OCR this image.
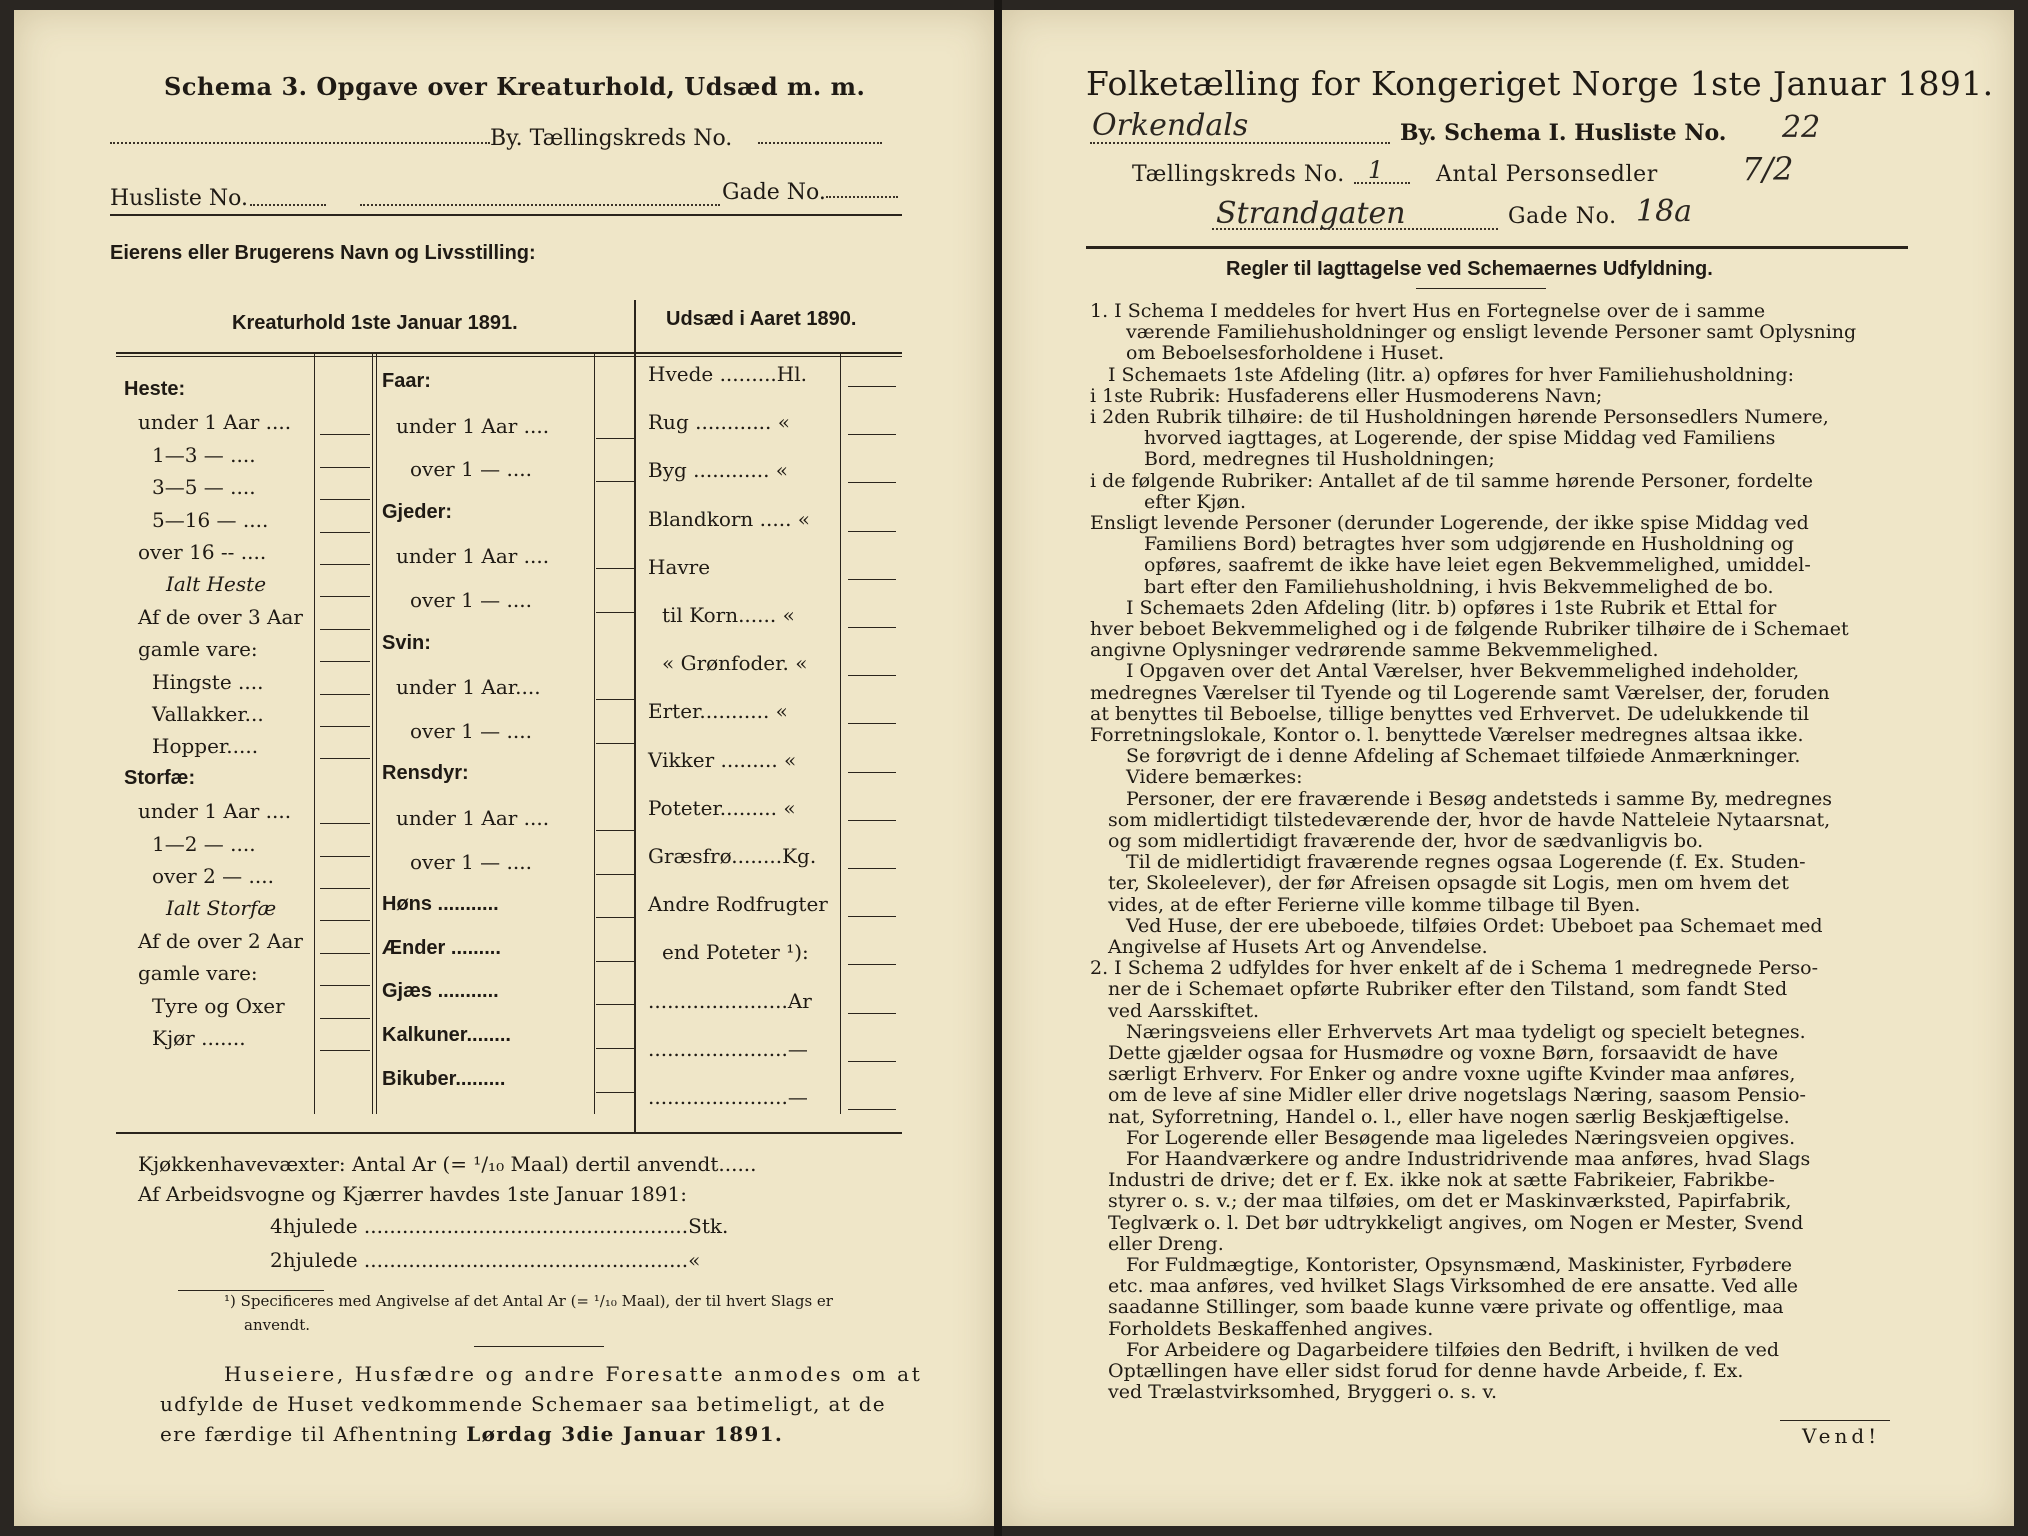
Schema 3. Opgave over Kreaturhold, Udsæd m. m.
By. Tællingskreds No.
Husliste No.	Gade No.
Eierens eller Brugerens Navn og Livsstilling:
Kreaturhold 1ste Januar 1891.	Udsæd i Aaret 1890.
Heste:
under 1 Aar ....
1—3 — ....
3—5 — ....
5—16 — ....
over 16 -- ....
Ialt Heste
Af de over 3 Aar
gamle vare:
Hingste ....
Vallakker...
Hopper.....
Storfæ:
under 1 Aar ....
1—2 — ....
over 2 — ....
Ialt Storfæ
Af de over 2 Aar
gamle vare:
Tyre og Oxer
Kjør .......
Faar:
under 1 Aar ....
over 1 — ....
Gjeder:
under 1 Aar ....
over 1 — ....
Svin:
under 1 Aar....
over 1 — ....
Rensdyr:
under 1 Aar ....
over 1 — ....
Høns ...........
Ænder .........
Gjæs ...........
Kalkuner........
Bikuber.........
Hvede .........Hl.
Rug ............ «
Byg ............ «
Blandkorn ..... «
Havre
til Korn...... «
« Grønfoder. «
Erter........... «
Vikker ......... «
Poteter......... «
Græsfrø........Kg.
Andre Rodfrugter
end Poteter ¹):
......................Ar
......................—
......................—
Kjøkkenhavevæxter: Antal Ar (= ¹/₁₀ Maal) dertil anvendt......
Af Arbeidsvogne og Kjærrer havdes 1ste Januar 1891:
4hjulede ...................................................Stk.
2hjulede ...................................................«
¹) Specificeres med Angivelse af det Antal Ar (= ¹/₁₀ Maal), der til hvert Slags er
anvendt.
Huseiere, Husfædre og andre Foresatte anmodes om at
udfylde de Huset vedkommende Schemaer saa betimeligt, at de
ere færdige til Afhentning Lørdag 3die Januar 1891.
Folketælling for Kongeriget Norge 1ste Januar 1891.
Orkendals	By. Schema I. Husliste No. 22
Tællingskreds No. 1 Antal Personsedler	7/2
Strandgaten	Gade No. 18a
Regler til Iagttagelse ved Schemaernes Udfyldning.
1. I Schema I meddeles for hvert Hus en Fortegnelse over de i samme
værende Familiehusholdninger og ensligt levende Personer samt Oplysning
om Beboelsesforholdene i Huset.
I Schemaets 1ste Afdeling (litr. a) opføres for hver Familiehusholdning:
i 1ste Rubrik: Husfaderens eller Husmoderens Navn;
i 2den Rubrik tilhøire: de til Husholdningen hørende Personsedlers Numere,
hvorved iagttages, at Logerende, der spise Middag ved Familiens
Bord, medregnes til Husholdningen;
i de følgende Rubriker: Antallet af de til samme hørende Personer, fordelte
efter Kjøn.
Ensligt levende Personer (derunder Logerende, der ikke spise Middag ved
Familiens Bord) betragtes hver som udgjørende en Husholdning og
opføres, saafremt de ikke have leiet egen Bekvemmelighed, umiddel-
bart efter den Familiehusholdning, i hvis Bekvemmelighed de bo.
I Schemaets 2den Afdeling (litr. b) opføres i 1ste Rubrik et Ettal for
hver beboet Bekvemmelighed og i de følgende Rubriker tilhøire de i Schemaet
angivne Oplysninger vedrørende samme Bekvemmelighed.
I Opgaven over det Antal Værelser, hver Bekvemmelighed indeholder,
medregnes Værelser til Tyende og til Logerende samt Værelser, der, foruden
at benyttes til Beboelse, tillige benyttes ved Erhvervet. De udelukkende til
Forretningslokale, Kontor o. l. benyttede Værelser medregnes altsaa ikke.
Se forøvrigt de i denne Afdeling af Schemaet tilføiede Anmærkninger.
Videre bemærkes:
Personer, der ere fraværende i Besøg andetsteds i samme By, medregnes
som midlertidigt tilstedeværende der, hvor de havde Natteleie Nytaarsnat,
og som midlertidigt fraværende der, hvor de sædvanligvis bo.
Til de midlertidigt fraværende regnes ogsaa Logerende (f. Ex. Studen-
ter, Skoleelever), der før Afreisen opsagde sit Logis, men om hvem det
vides, at de efter Ferierne ville komme tilbage til Byen.
Ved Huse, der ere ubeboede, tilføies Ordet: Ubeboet paa Schemaet med
Angivelse af Husets Art og Anvendelse.
2. I Schema 2 udfyldes for hver enkelt af de i Schema 1 medregnede Perso-
ner de i Schemaet opførte Rubriker efter den Tilstand, som fandt Sted
ved Aarsskiftet.
Næringsveiens eller Erhvervets Art maa tydeligt og specielt betegnes.
Dette gjælder ogsaa for Husmødre og voxne Børn, forsaavidt de have
særligt Erhverv. For Enker og andre voxne ugifte Kvinder maa anføres,
om de leve af sine Midler eller drive nogetslags Næring, saasom Pensio-
nat, Syforretning, Handel o. l., eller have nogen særlig Beskjæftigelse.
For Logerende eller Besøgende maa ligeledes Næringsveien opgives.
For Haandværkere og andre Industridrivende maa anføres, hvad Slags
Industri de drive; det er f. Ex. ikke nok at sætte Fabrikeier, Fabrikbe-
styrer o. s. v.; der maa tilføies, om det er Maskinværksted, Papirfabrik,
Teglværk o. l. Det bør udtrykkeligt angives, om Nogen er Mester, Svend
eller Dreng.
For Fuldmægtige, Kontorister, Opsynsmænd, Maskinister, Fyrbødere
etc. maa anføres, ved hvilket Slags Virksomhed de ere ansatte. Ved alle
saadanne Stillinger, som baade kunne være private og offentlige, maa
Forholdets Beskaffenhed angives.
For Arbeidere og Dagarbeidere tilføies den Bedrift, i hvilken de ved
Optællingen have eller sidst forud for denne havde Arbeide, f. Ex.
ved Trælastvirksomhed, Bryggeri o. s. v.
Vend!
